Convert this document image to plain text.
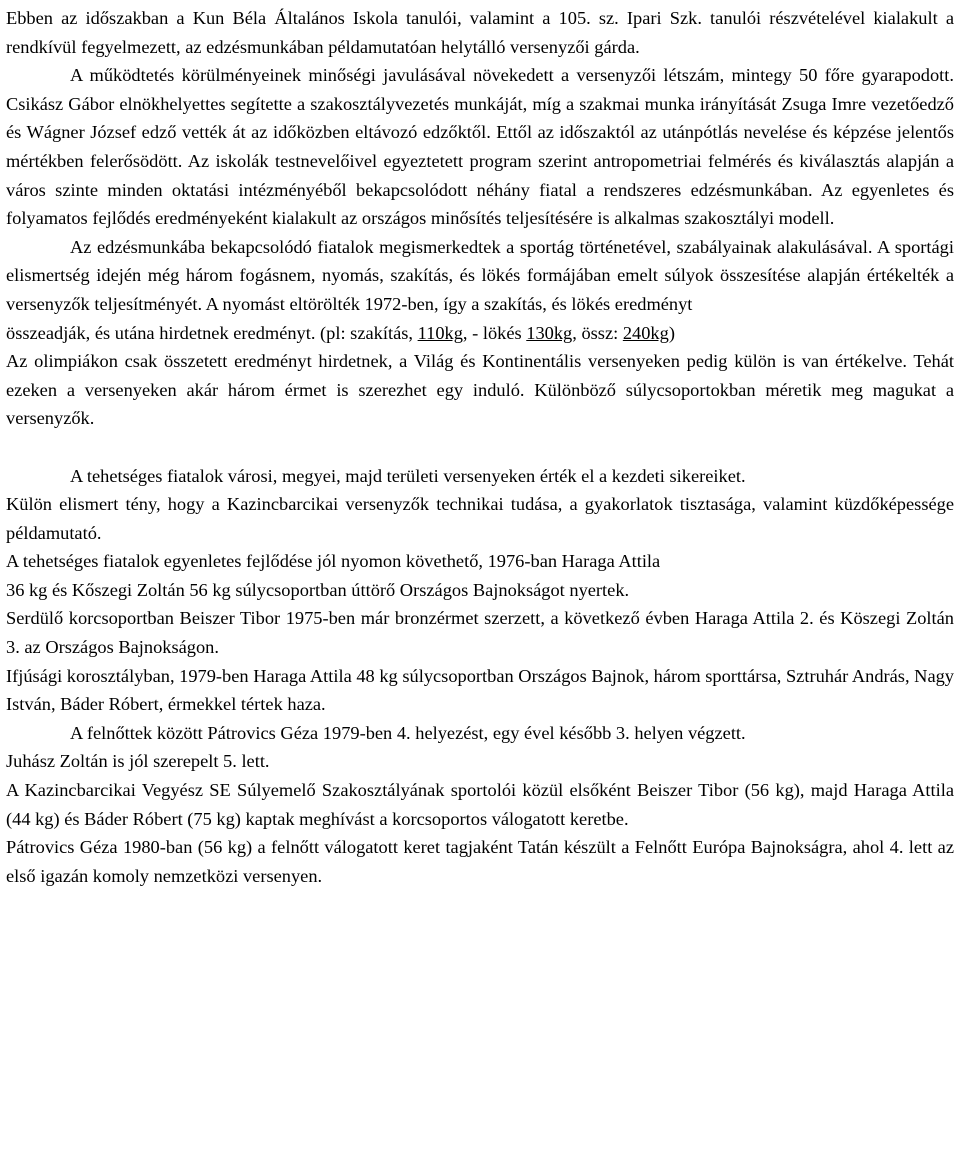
Ebben az időszakban a Kun Béla Általános Iskola tanulói, valamint a 105. sz. Ipari Szk. tanulói részvételével kialakult a rendkívül fegyelmezett, az edzésmunkában példamutatóan helytálló versenyzői gárda.

A működtetés körülményeinek minőségi javulásával növekedett a versenyzői létszám, mintegy 50 főre gyarapodott. Csikász Gábor elnökhelyettes segítette a szakosztályvezetés munkáját, míg a szakmai munka irányítását Zsuga Imre vezetőedző és Wágner József edző vették át az időközben eltávozó edzőktől. Ettől az időszaktól az utánpótlás nevelése és képzése jelentős mértékben felerősödött. Az iskolák testnevelőivel egyeztetett program szerint antropometriai felmérés és kiválasztás alapján a város szinte minden oktatási intézményéből bekapcsolódott néhány fiatal a rendszeres edzésmunkában. Az egyenletes és folyamatos fejlődés eredményeként kialakult az országos minősítés teljesítésére is alkalmas szakosztályi modell.

Az edzésmunkába bekapcsolódó fiatalok megismerkedtek a sportág történetével, szabályainak alakulásával. A sportági elismertség idején még három fogásnem, nyomás, szakítás, és lökés formájában emelt súlyok összesítése alapján értékelték a versenyzők teljesítményét. A nyomást eltörölték 1972-ben, így a szakítás, és lökés eredményt

összeadják, és utána hirdetnek eredményt. (pl: szakítás, 110kg, - lökés 130kg, össz: 240kg)

Az olimpiákon csak összetett eredményt hirdetnek, a Világ és Kontinentális versenyeken pedig külön is van értékelve. Tehát ezeken a versenyeken akár három érmet is szerezhet egy induló. Különböző súlycsoportokban méretik meg magukat a versenyzők.

A tehetséges fiatalok városi, megyei, majd területi versenyeken érték el a kezdeti sikereiket.

Külön elismert tény, hogy a Kazincbarcikai versenyzők technikai tudása, a gyakorlatok tisztasága, valamint küzdőképessége példamutató.

A tehetséges fiatalok egyenletes fejlődése jól nyomon követhető, 1976-ban Haraga Attila

36 kg és Kőszegi Zoltán 56 kg súlycsoportban úttörő Országos Bajnokságot nyertek.

Serdülő korcsoportban Beiszer Tibor 1975-ben már bronzérmet szerzett, a következő évben Haraga Attila 2. és Köszegi Zoltán 3. az Országos Bajnokságon.

Ifjúsági korosztályban, 1979-ben Haraga Attila 48 kg súlycsoportban Országos Bajnok, három sporttársa, Sztruhár András, Nagy István, Báder Róbert, érmekkel tértek haza.

A felnőttek között Pátrovics Géza 1979-ben 4. helyezést, egy ével később 3. helyen végzett.

Juhász Zoltán is jól szerepelt 5. lett.

A Kazincbarcikai Vegyész SE Súlyemelő Szakosztályának sportolói közül elsőként Beiszer Tibor (56 kg), majd Haraga Attila (44 kg) és Báder Róbert (75 kg) kaptak meghívást a korcsoportos válogatott keretbe.

Pátrovics Géza 1980-ban (56 kg) a felnőtt válogatott keret tagjaként Tatán készült a Felnőtt Európa Bajnokságra, ahol 4. lett az első igazán komoly nemzetközi versenyen.
